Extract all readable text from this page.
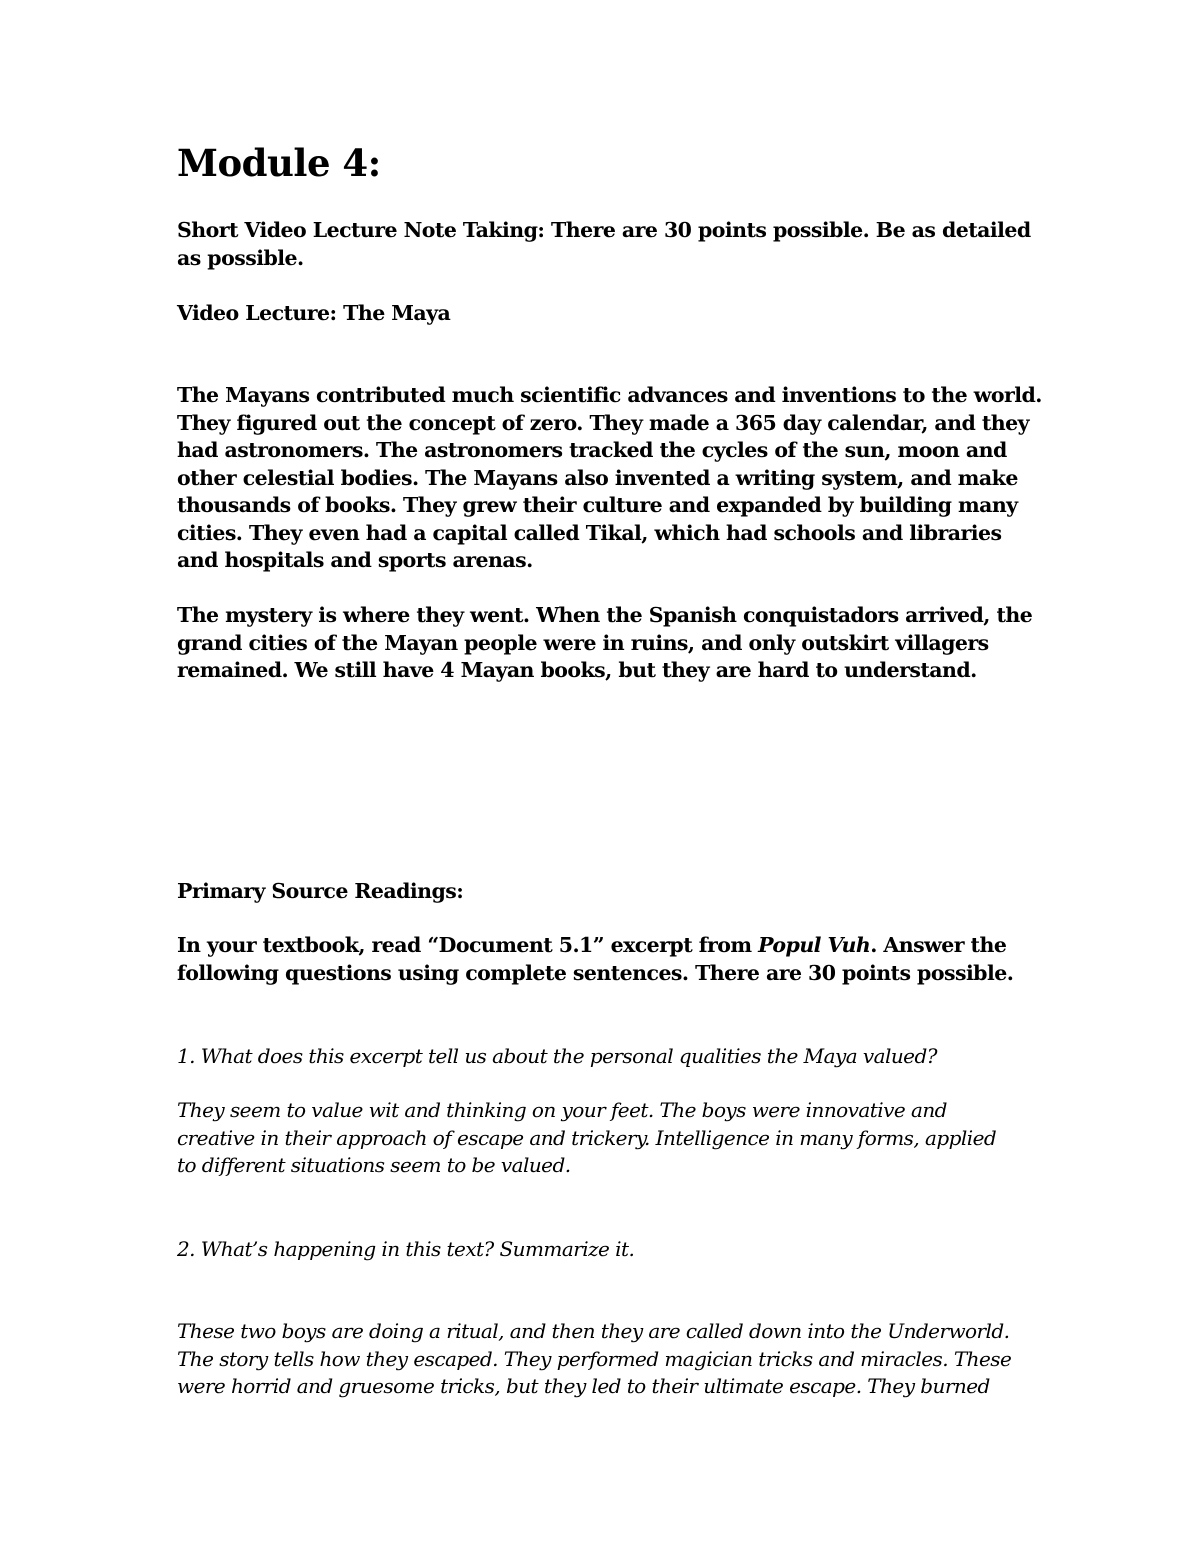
Module 4:

Short Video Lecture Note Taking: There are 30 points possible. Be as detailed
as possible.

Video Lecture: The Maya

The Mayans contributed much scientific advances and inventions to the world.
They figured out the concept of zero. They made a 365 day calendar, and they
had astronomers. The astronomers tracked the cycles of the sun, moon and
other celestial bodies. The Mayans also invented a writing system, and make
thousands of books. They grew their culture and expanded by building many
cities. They even had a capital called Tikal, which had schools and libraries
and hospitals and sports arenas.

The mystery is where they went. When the Spanish conquistadors arrived, the
grand cities of the Mayan people were in ruins, and only outskirt villagers
remained. We still have 4 Mayan books, but they are hard to understand.

Primary Source Readings:

In your textbook, read “Document 5.1” excerpt from Popul Vuh. Answer the
following questions using complete sentences. There are 30 points possible.

1. What does this excerpt tell us about the personal qualities the Maya valued?

They seem to value wit and thinking on your feet. The boys were innovative and
creative in their approach of escape and trickery. Intelligence in many forms, applied
to different situations seem to be valued.

2. What’s happening in this text? Summarize it.

These two boys are doing a ritual, and then they are called down into the Underworld.
The story tells how they escaped. They performed magician tricks and miracles. These
were horrid and gruesome tricks, but they led to their ultimate escape. They burned
